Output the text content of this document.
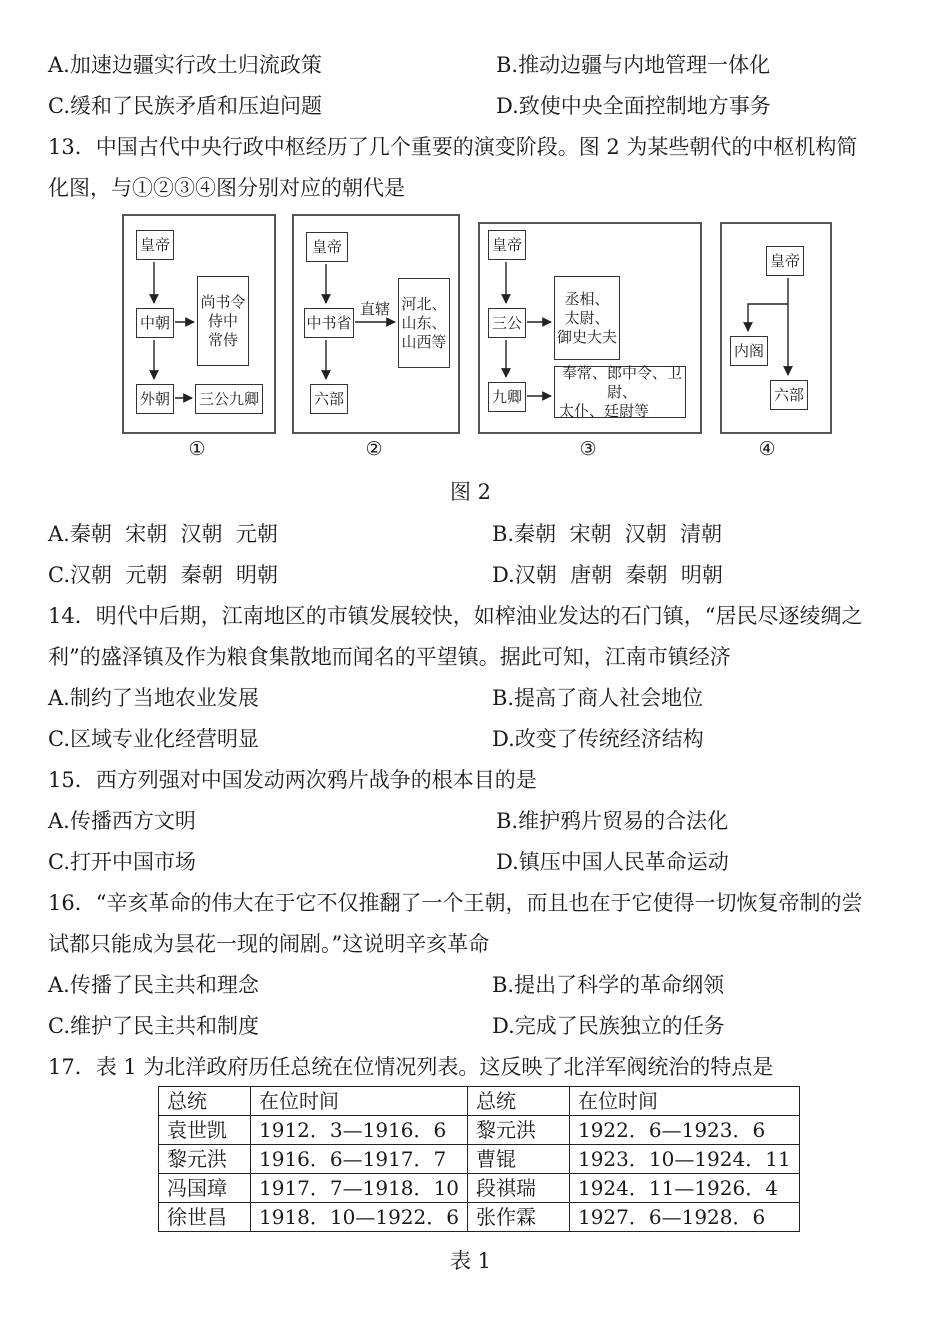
A.加速边疆实行改土归流政策	B.推动边疆与内地管理一体化
C.缓和了民族矛盾和压迫问题	D.致使中央全面控制地方事务
13．中国古代中央行政中枢经历了几个重要的演变阶段。图 2 为某些朝代的中枢机构简
化图，与①②③④图分别对应的朝代是
皇帝
中朝
外朝
尚书令
侍中
常侍
三公九卿
皇帝
中书省
六部
直辖 河北、
山东、
山西等
皇帝
三公
九卿
丞相、
太尉、
御史大夫
奉常、郎中令、卫尉、
太仆、廷尉等
皇帝
内阁
六部
①	②	③	④
图 2
A.秦朝  宋朝  汉朝  元朝	B.秦朝  宋朝  汉朝  清朝
C.汉朝  元朝  秦朝  明朝	D.汉朝  唐朝  秦朝  明朝
14．明代中后期，江南地区的市镇发展较快，如榨油业发达的石门镇，“居民尽逐绫绸之
利”的盛泽镇及作为粮食集散地而闻名的平望镇。据此可知，江南市镇经济
A.制约了当地农业发展	B.提高了商人社会地位
C.区域专业化经营明显	D.改变了传统经济结构
15．西方列强对中国发动两次鸦片战争的根本目的是
A.传播西方文明	B.维护鸦片贸易的合法化
C.打开中国市场	D.镇压中国人民革命运动
16．“辛亥革命的伟大在于它不仅推翻了一个王朝，而且也在于它使得一切恢复帝制的尝
试都只能成为昙花一现的闹剧。”这说明辛亥革命
A.传播了民主共和理念	B.提出了科学的革命纲领
C.维护了民主共和制度	D.完成了民族独立的任务
17．表 1 为北洋政府历任总统在位情况列表。这反映了北洋军阀统治的特点是
总统	在位时间	总统	在位时间
袁世凯	1912．3—1916．6	黎元洪	1922．6—1923．6
黎元洪	1916．6—1917．7	曹锟	1923．10—1924．11
冯国璋	1917．7—1918．10	段祺瑞	1924．11—1926．4
徐世昌	1918．10—1922．6	张作霖	1927．6—1928．6
表 1
